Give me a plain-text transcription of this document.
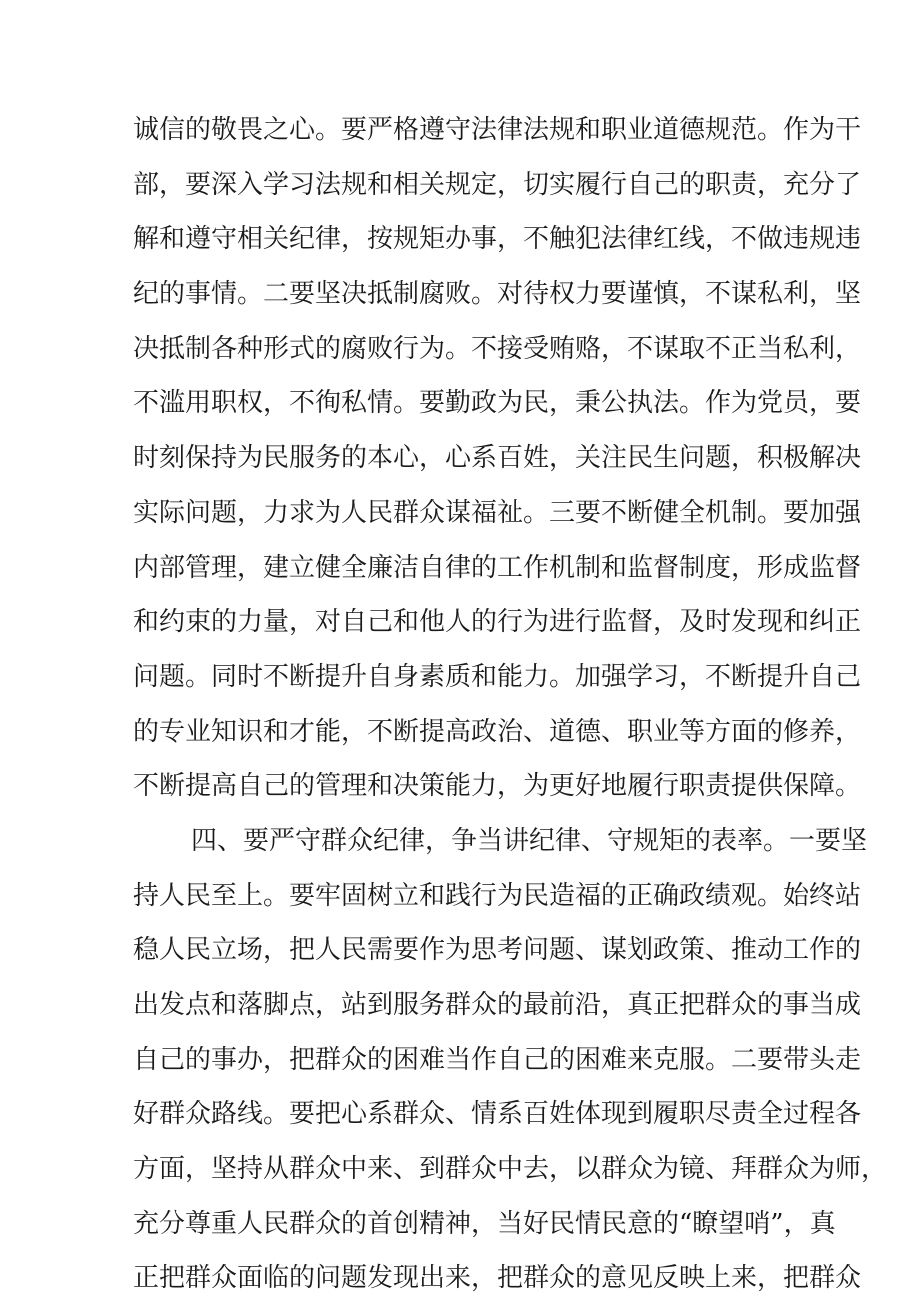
诚信的敬畏之心。要严格遵守法律法规和职业道德规范。作为干
部，要深入学习法规和相关规定，切实履行自己的职责，充分了
解和遵守相关纪律，按规矩办事，不触犯法律红线，不做违规违
纪的事情。二要坚决抵制腐败。对待权力要谨慎，不谋私利，坚
决抵制各种形式的腐败行为。不接受贿赂，不谋取不正当私利，
不滥用职权，不徇私情。要勤政为民，秉公执法。作为党员，要
时刻保持为民服务的本心，心系百姓，关注民生问题，积极解决
实际问题，力求为人民群众谋福祉。三要不断健全机制。要加强
内部管理，建立健全廉洁自律的工作机制和监督制度，形成监督
和约束的力量，对自己和他人的行为进行监督，及时发现和纠正
问题。同时不断提升自身素质和能力。加强学习，不断提升自己
的专业知识和才能，不断提高政治、道德、职业等方面的修养，
不断提高自己的管理和决策能力，为更好地履行职责提供保障。
四、要严守群众纪律，争当讲纪律、守规矩的表率。一要坚
持人民至上。要牢固树立和践行为民造福的正确政绩观。始终站
稳人民立场，把人民需要作为思考问题、谋划政策、推动工作的
出发点和落脚点，站到服务群众的最前沿，真正把群众的事当成
自己的事办，把群众的困难当作自己的困难来克服。二要带头走
好群众路线。要把心系群众、情系百姓体现到履职尽责全过程各
方面，坚持从群众中来、到群众中去，以群众为镜、拜群众为师，
充分尊重人民群众的首创精神，当好民情民意的“瞭望哨”，真
正把群众面临的问题发现出来，把群众的意见反映上来，把群众
